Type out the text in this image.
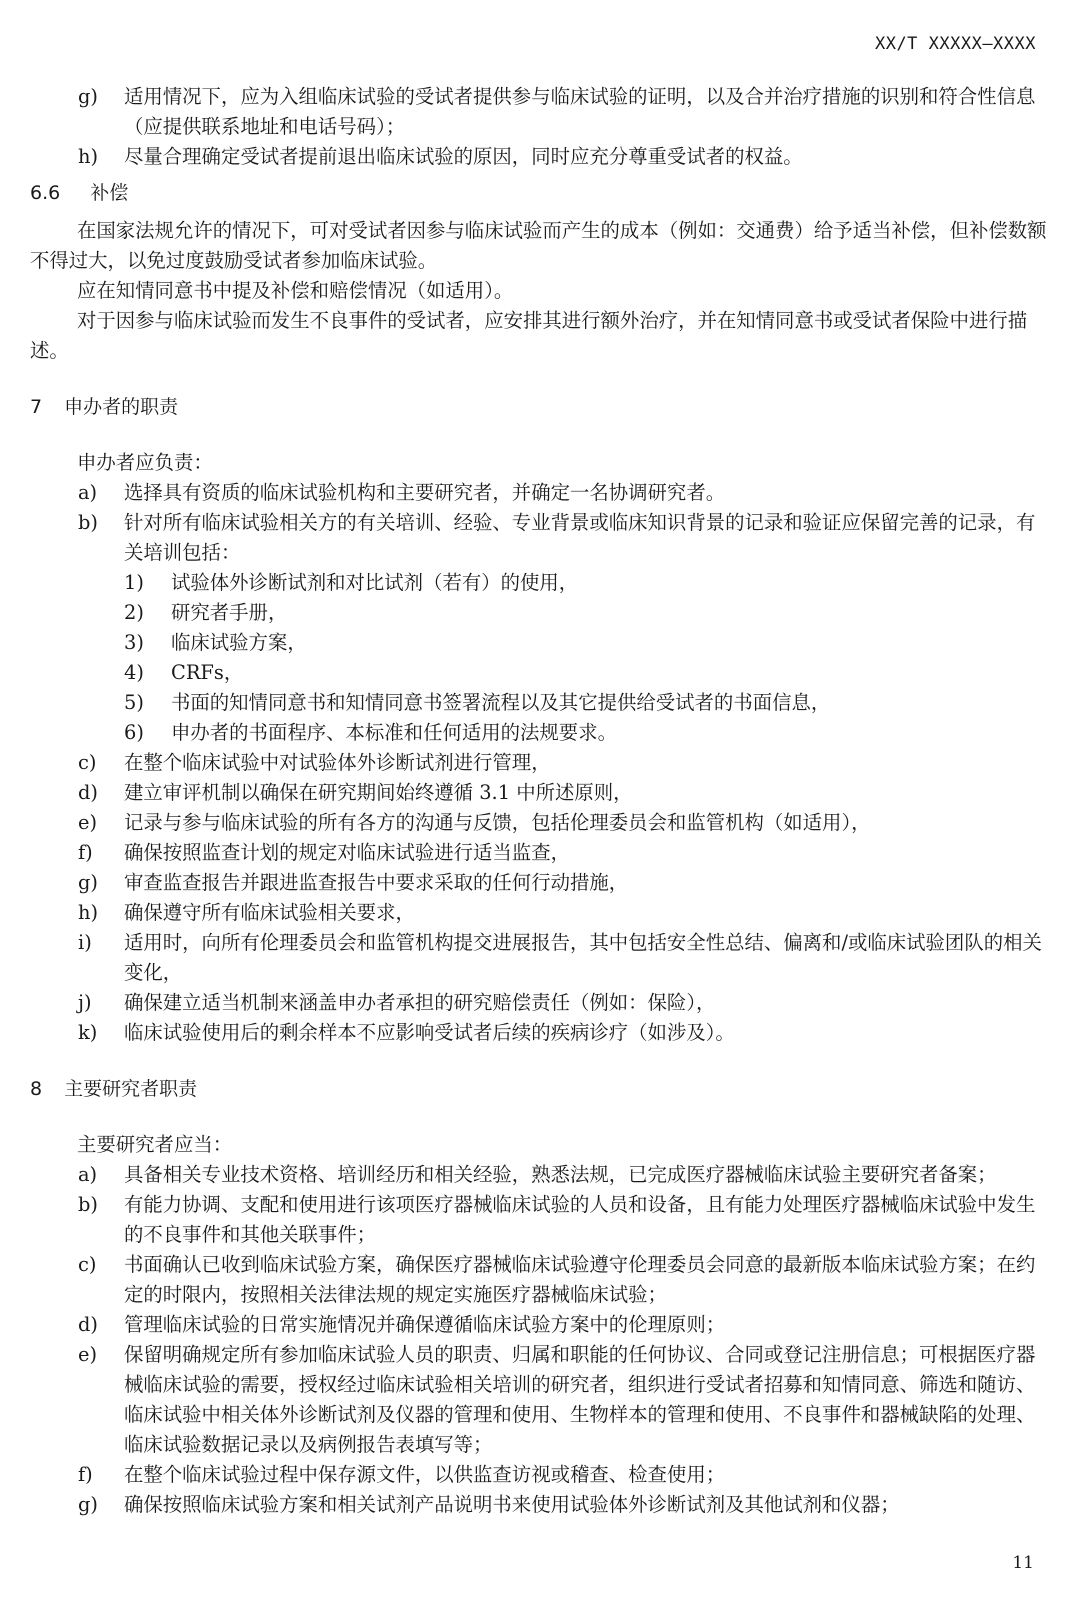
XX/T XXXXX—XXXX
g)	适用情况下，应为入组临床试验的受试者提供参与临床试验的证明，以及合并治疗措施的识别和符合性信息（应提供联系地址和电话号码）；
h)	尽量合理确定受试者提前退出临床试验的原因，同时应充分尊重受试者的权益。
6.6 补偿
在国家法规允许的情况下，可对受试者因参与临床试验而产生的成本（例如：交通费）给予适当补偿，但补偿数额不得过大，以免过度鼓励受试者参加临床试验。
应在知情同意书中提及补偿和赔偿情况（如适用）。
对于因参与临床试验而发生不良事件的受试者，应安排其进行额外治疗，并在知情同意书或受试者保险中进行描述。
7 申办者的职责
申办者应负责：
a)	选择具有资质的临床试验机构和主要研究者，并确定一名协调研究者。
b)	针对所有临床试验相关方的有关培训、经验、专业背景或临床知识背景的记录和验证应保留完善的记录，有关培训包括：
1)	试验体外诊断试剂和对比试剂（若有）的使用，
2)	研究者手册，
3)	临床试验方案，
4)	CRFs，
5)	书面的知情同意书和知情同意书签署流程以及其它提供给受试者的书面信息，
6)	申办者的书面程序、本标准和任何适用的法规要求。
c)	在整个临床试验中对试验体外诊断试剂进行管理，
d)	建立审评机制以确保在研究期间始终遵循 3.1 中所述原则，
e)	记录与参与临床试验的所有各方的沟通与反馈，包括伦理委员会和监管机构（如适用），
f)	确保按照监查计划的规定对临床试验进行适当监查，
g)	审查监查报告并跟进监查报告中要求采取的任何行动措施，
h)	确保遵守所有临床试验相关要求，
i)	适用时，向所有伦理委员会和监管机构提交进展报告，其中包括安全性总结、偏离和/或临床试验团队的相关变化，
j)	确保建立适当机制来涵盖申办者承担的研究赔偿责任（例如：保险），
k)	临床试验使用后的剩余样本不应影响受试者后续的疾病诊疗（如涉及）。
8 主要研究者职责
主要研究者应当：
a)	具备相关专业技术资格、培训经历和相关经验，熟悉法规，已完成医疗器械临床试验主要研究者备案；
b)	有能力协调、支配和使用进行该项医疗器械临床试验的人员和设备，且有能力处理医疗器械临床试验中发生的不良事件和其他关联事件；
c)	书面确认已收到临床试验方案，确保医疗器械临床试验遵守伦理委员会同意的最新版本临床试验方案；在约定的时限内，按照相关法律法规的规定实施医疗器械临床试验；
d)	管理临床试验的日常实施情况并确保遵循临床试验方案中的伦理原则；
e)	保留明确规定所有参加临床试验人员的职责、归属和职能的任何协议、合同或登记注册信息；可根据医疗器械临床试验的需要，授权经过临床试验相关培训的研究者，组织进行受试者招募和知情同意、筛选和随访、临床试验中相关体外诊断试剂及仪器的管理和使用、生物样本的管理和使用、不良事件和器械缺陷的处理、临床试验数据记录以及病例报告表填写等；
f)	在整个临床试验过程中保存源文件，以供监查访视或稽查、检查使用；
g)	确保按照临床试验方案和相关试剂产品说明书来使用试验体外诊断试剂及其他试剂和仪器；
11
